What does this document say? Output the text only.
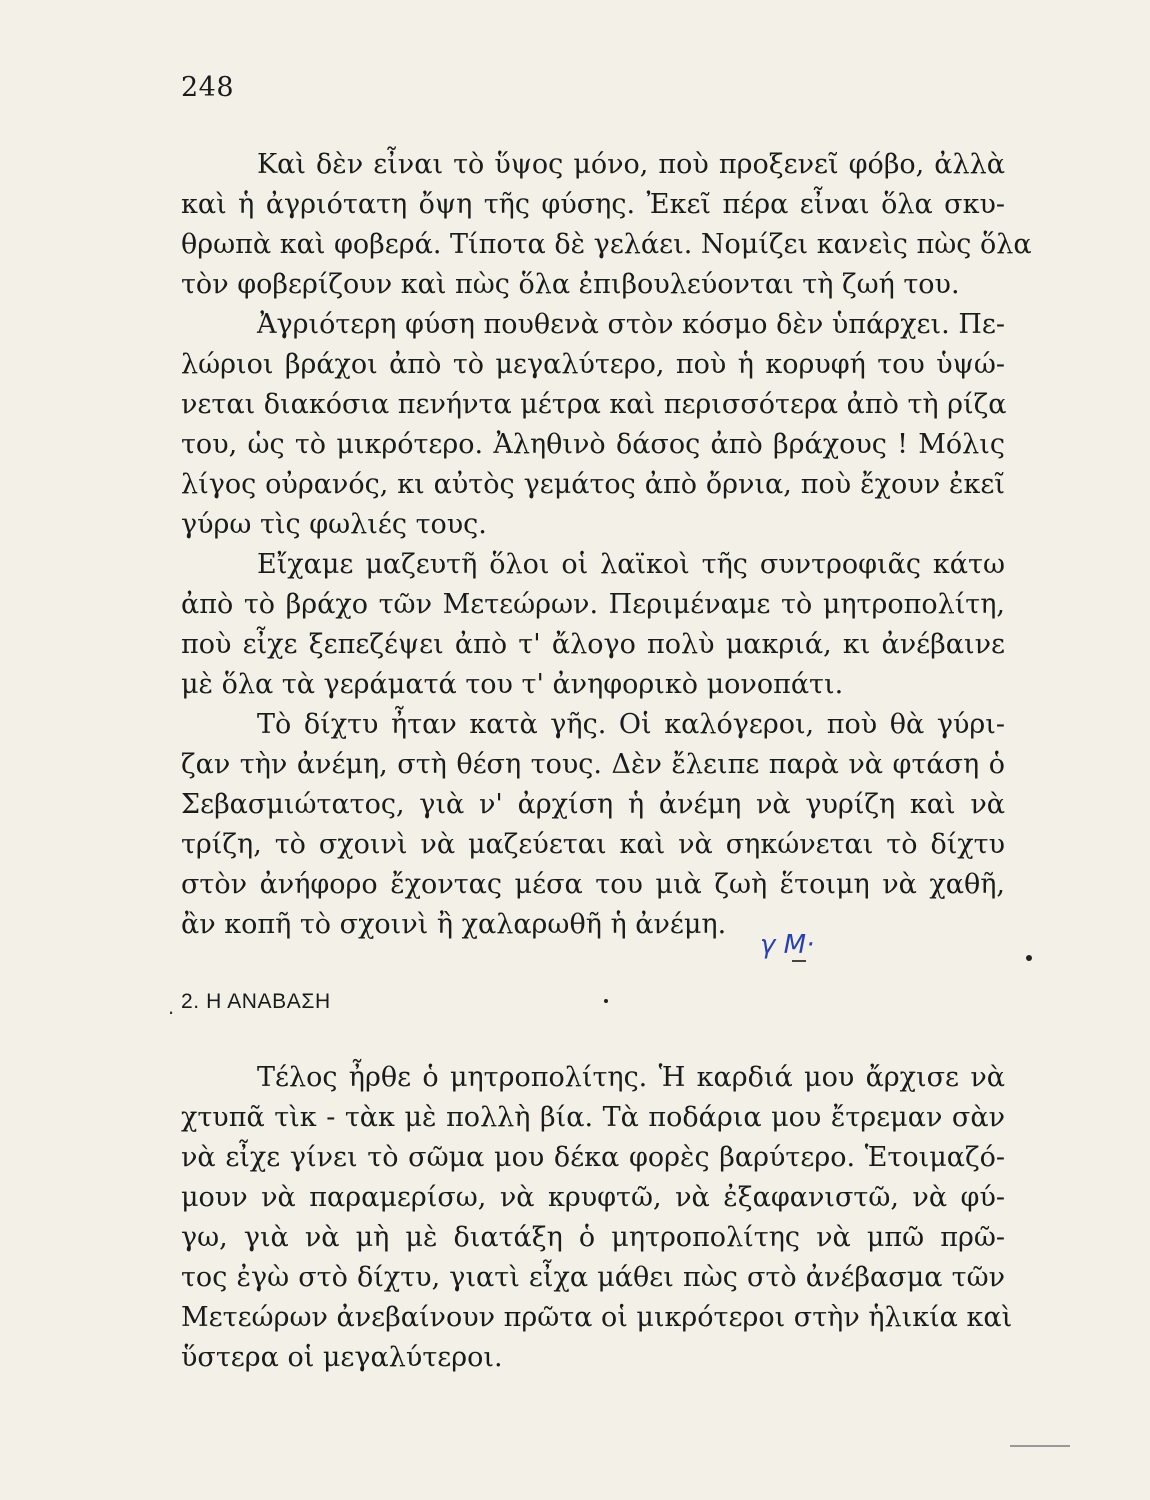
248
Καὶ δὲν εἶναι τὸ ὕψος μόνο, ποὺ προξενεῖ φόβο, ἀλλὰ
καὶ ἡ ἀγριότατη ὄψη τῆς φύσης. Ἐκεῖ πέρα εἶναι ὅλα σκυ-
θρωπὰ καὶ φοβερά. Τίποτα δὲ γελάει. Νομίζει κανεὶς πὼς ὅλα
τὸν φοβερίζουν καὶ πὼς ὅλα ἐπιβουλεύονται τὴ ζωή του.
Ἀγριότερη φύση πουθενὰ στὸν κόσμο δὲν ὑπάρχει. Πε-
λώριοι βράχοι ἀπὸ τὸ μεγαλύτερο, ποὺ ἡ κορυφή του ὑψώ-
νεται διακόσια πενήντα μέτρα καὶ περισσότερα ἀπὸ τὴ ρίζα
του, ὡς τὸ μικρότερο. Ἀληθινὸ δάσος ἀπὸ βράχους ! Μόλις
λίγος οὐρανός, κι αὐτὸς γεμάτος ἀπὸ ὄρνια, ποὺ ἔχουν ἐκεῖ
γύρω τὶς φωλιές τους.
Εἴχαμε μαζευτῆ ὅλοι οἱ λαϊκοὶ τῆς συντροφιᾶς κάτω
ἀπὸ τὸ βράχο τῶν Μετεώρων. Περιμέναμε τὸ μητροπολίτη,
ποὺ εἶχε ξεπεζέψει ἀπὸ τ' ἄλογο πολὺ μακριά, κι ἀνέβαινε
μὲ ὅλα τὰ γεράματά του τ' ἀνηφορικὸ μονοπάτι.
Τὸ δίχτυ ἦταν κατὰ γῆς. Οἱ καλόγεροι, ποὺ θὰ γύρι-
ζαν τὴν ἀνέμη, στὴ θέση τους. Δὲν ἔλειπε παρὰ νὰ φτάση ὁ
Σεβασμιώτατος, γιὰ ν' ἀρχίση ἡ ἀνέμη νὰ γυρίζη καὶ νὰ
τρίζη, τὸ σχοινὶ νὰ μαζεύεται καὶ νὰ σηκώνεται τὸ δίχτυ
στὸν ἀνήφορο ἔχοντας μέσα του μιὰ ζωὴ ἕτοιμη νὰ χαθῆ,
ἂν κοπῆ τὸ σχοινὶ ἢ χαλαρωθῆ ἡ ἀνέμη.
γ Μ·
. 2. Η ΑΝΑΒΑΣΗ
Τέλος ἦρθε ὁ μητροπολίτης. Ἡ καρδιά μου ἄρχισε νὰ
χτυπᾶ τὶκ - τὰκ μὲ πολλὴ βία. Τὰ ποδάρια μου ἔτρεμαν σὰν
νὰ εἶχε γίνει τὸ σῶμα μου δέκα φορὲς βαρύτερο. Ἑτοιμαζό-
μουν νὰ παραμερίσω, νὰ κρυφτῶ, νὰ ἐξαφανιστῶ, νὰ φύ-
γω, γιὰ νὰ μὴ μὲ διατάξη ὁ μητροπολίτης νὰ μπῶ πρῶ-
τος ἐγὼ στὸ δίχτυ, γιατὶ εἶχα μάθει πὼς στὸ ἀνέβασμα τῶν
Μετεώρων ἀνεβαίνουν πρῶτα οἱ μικρότεροι στὴν ἡλικία καὶ
ὕστερα οἱ μεγαλύτεροι.
